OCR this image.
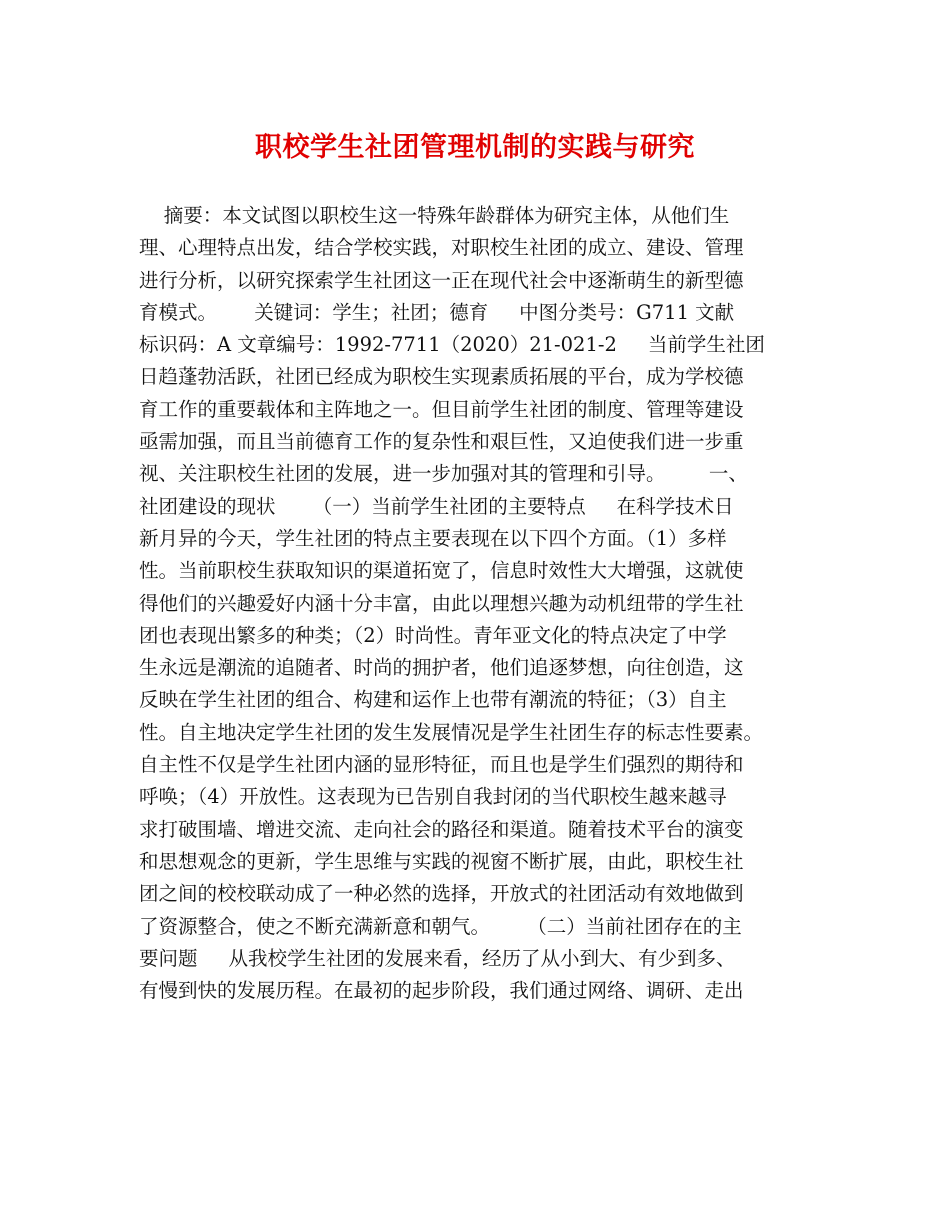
职校学生社团管理机制的实践与研究
摘要：本文试图以职校生这一特殊年龄群体为研究主体，从他们生
理、心理特点出发，结合学校实践，对职校生社团的成立、建设、管理
进行分析，以研究探索学生社团这一正在现代社会中逐渐萌生的新型德
育模式。      关键词：学生；社团；德育     中图分类号：G711 文献
标识码：A 文章编号：1992-7711（2020）21-021-2     当前学生社团
日趋蓬勃活跃，社团已经成为职校生实现素质拓展的平台，成为学校德
育工作的重要载体和主阵地之一。但目前学生社团的制度、管理等建设
亟需加强，而且当前德育工作的复杂性和艰巨性，又迫使我们进一步重
视、关注职校生社团的发展，进一步加强对其的管理和引导。       一、
社团建设的现状      （一）当前学生社团的主要特点     在科学技术日
新月异的今天，学生社团的特点主要表现在以下四个方面。（1）多样
性。当前职校生获取知识的渠道拓宽了，信息时效性大大增强，这就使
得他们的兴趣爱好内涵十分丰富，由此以理想兴趣为动机纽带的学生社
团也表现出繁多的种类；（2）时尚性。青年亚文化的特点决定了中学
生永远是潮流的追随者、时尚的拥护者，他们追逐梦想，向往创造，这
反映在学生社团的组合、构建和运作上也带有潮流的特征；（3）自主
性。自主地决定学生社团的发生发展情况是学生社团生存的标志性要素。
自主性不仅是学生社团内涵的显形特征，而且也是学生们强烈的期待和
呼唤；（4）开放性。这表现为已告别自我封闭的当代职校生越来越寻
求打破围墙、增进交流、走向社会的路径和渠道。随着技术平台的演变
和思想观念的更新，学生思维与实践的视窗不断扩展，由此，职校生社
团之间的校校联动成了一种必然的选择，开放式的社团活动有效地做到
了资源整合，使之不断充满新意和朝气。      （二）当前社团存在的主
要问题     从我校学生社团的发展来看，经历了从小到大、有少到多、
有慢到快的发展历程。在最初的起步阶段，我们通过网络、调研、走出
